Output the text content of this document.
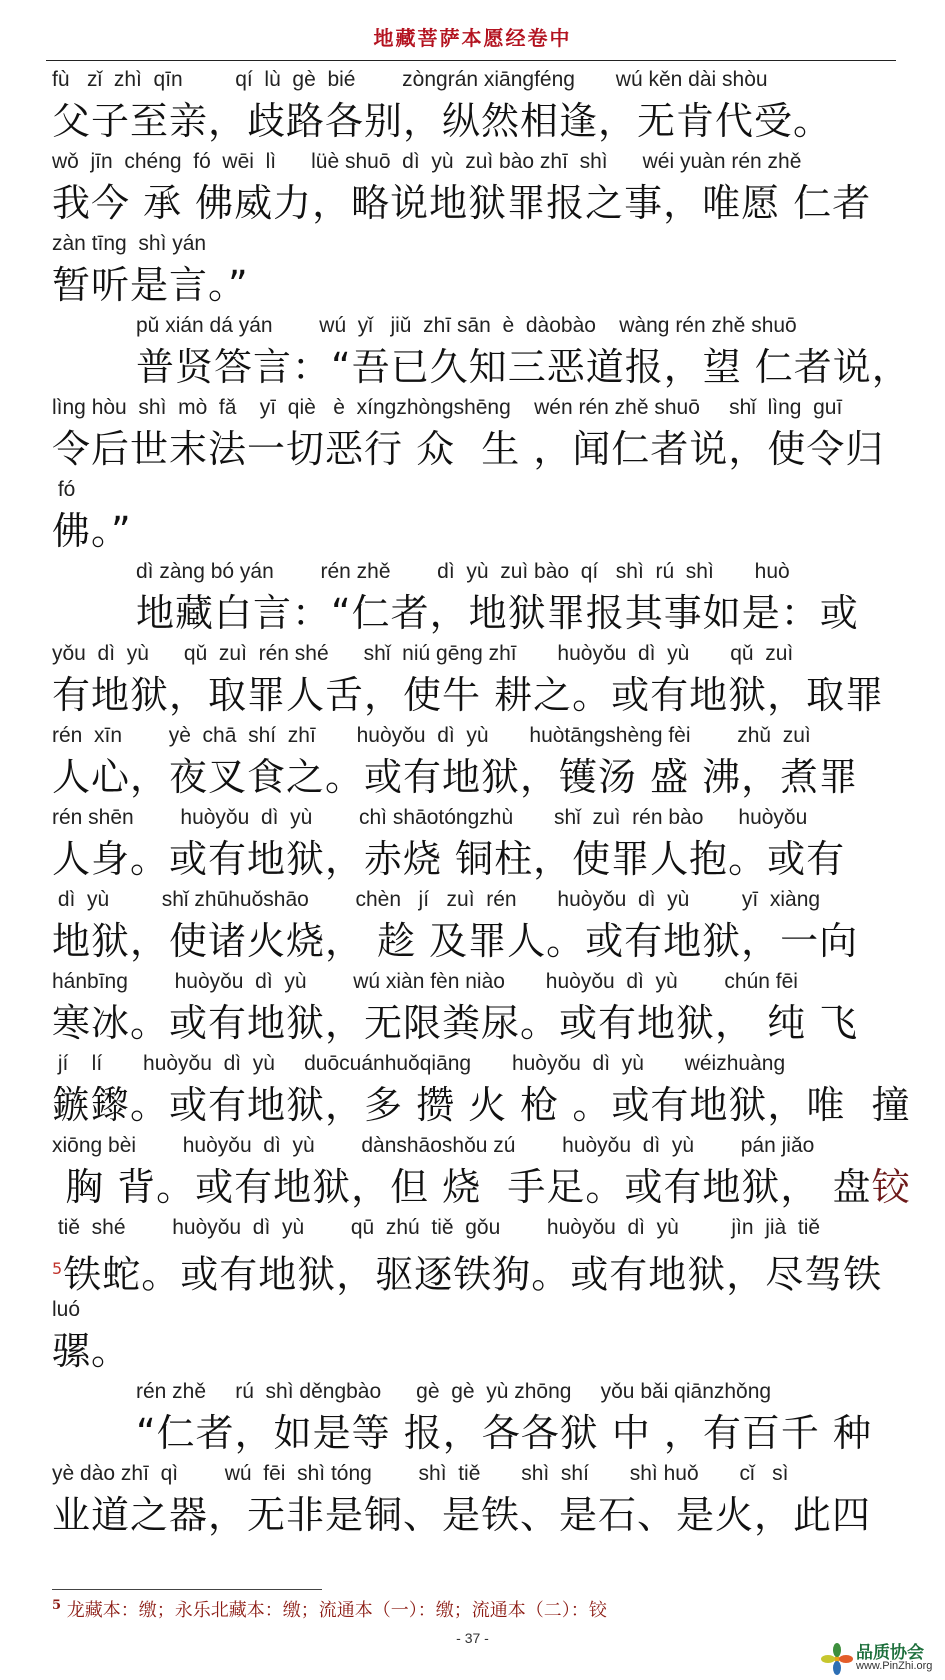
地藏菩萨本愿经卷中
fù   zǐ  zhì  qīn         qí  lù  gè  bié        zòngrán xiāngféng       wú kěn dài shòu
父子至亲，歧路各别，纵然相逢，无肯代受。
wǒ  jīn  chéng  fó  wēi  lì      lüè shuō  dì  yù  zuì bào zhī  shì      wéi yuàn rén zhě
我今 承 佛威力，略说地狱罪报之事，唯愿 仁者
zàn tīng  shì yán
暂听是言。”
pǔ xián dá yán        wú  yǐ   jiǔ  zhī sān  è  dàobào    wàng rén zhě shuō
普贤答言：“吾已久知三恶道报，望 仁者说，
lìng hòu  shì  mò  fǎ    yī  qiè   è  xíngzhòngshēng    wén rén zhě shuō     shǐ  lìng  guī
令后世末法一切恶行 众  生 ，闻仁者说，使令归
fó
佛。”
dì zàng bó yán        rén zhě        dì  yù  zuì bào  qí   shì  rú  shì       huò
地藏白言：“仁者，地狱罪报其事如是：或
yǒu  dì  yù      qǔ  zuì  rén shé      shǐ  niú gēng zhī       huòyǒu  dì  yù       qǔ  zuì
有地狱，取罪人舌，使牛 耕之。或有地狱，取罪
rén  xīn        yè  chā  shí  zhī       huòyǒu  dì  yù       huòtāngshèng fèi        zhǔ  zuì
人心，夜叉食之。或有地狱，镬汤 盛 沸，煮罪
rén shēn        huòyǒu  dì  yù        chì shāotóngzhù       shǐ  zuì  rén bào      huòyǒu
人身。或有地狱，赤烧 铜柱，使罪人抱。或有
dì  yù         shǐ zhūhuǒshāo        chèn   jí   zuì  rén       huòyǒu  dì  yù         yī  xiàng
地狱，使诸火烧， 趁 及罪人。或有地狱，一向
hánbīng        huòyǒu  dì  yù        wú xiàn fèn niào       huòyǒu  dì  yù        chún fēi
寒冰。或有地狱，无限粪尿。或有地狱， 纯 飞
jí    lí       huòyǒu  dì  yù     duōcuánhuǒqiāng       huòyǒu  dì  yù       wéizhuàng
鏃鑗。或有地狱，多 攒 火 枪 。或有地狱，唯  撞
xiōng bèi        huòyǒu  dì  yù        dànshāoshǒu zú        huòyǒu  dì  yù        pán jiǎo
胸 背。或有地狱，但 烧  手足。或有地狱， 盘铰
tiě  shé        huòyǒu  dì  yù        qū  zhú  tiě  gǒu        huòyǒu  dì  yù         jìn  jià  tiě
$^5$铁蛇。或有地狱，驱逐铁狗。或有地狱，尽驾铁
luó
骡。
rén zhě     rú  shì děngbào      gè  gè  yù zhōng     yǒu bǎi qiānzhǒng
“仁者，如是等 报，各各狱 中 ，有百千 种
yè dào zhī  qì        wú  fēi  shì tóng        shì  tiě       shì  shí       shì huǒ       cǐ   sì
业道之器，无非是铜、是铁、是石、是火，此四
$^5$ 龙藏本：缴；永乐北藏本：缴；流通本（一）：缴；流通本（二）：铰
- 37 -
品质协会
www.PinZhi.org
